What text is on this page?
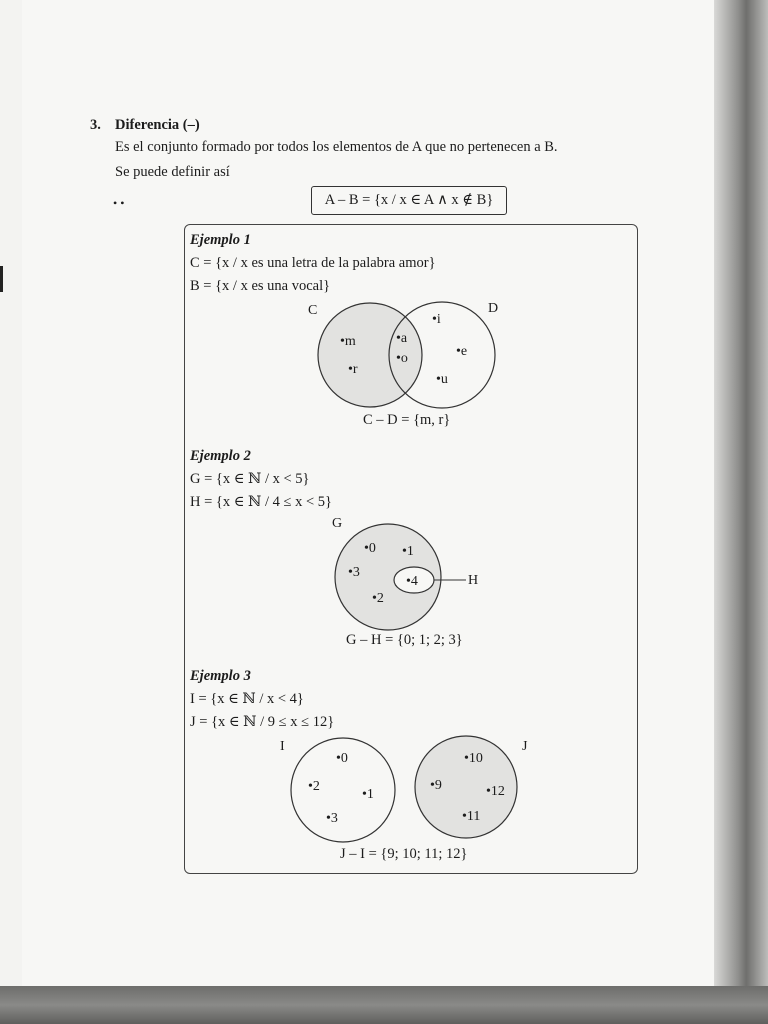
3. Diferencia (–)
Es el conjunto formado por todos los elementos de A que no pertenecen a B.
Se puede definir así
• •	A – B = {x / x ∈ A ∧ x ∉ B}
Ejemplo 1
C = {x / x es una letra de la palabra amor}
B = {x / x es una vocal}
C	D
•m
•r
•a
•o
•i
•e
•u
C – D = {m, r}
Ejemplo 2
G = {x ∈ ℕ / x < 5}
H = {x ∈ ℕ / 4 ≤ x < 5}
G
H
•0 •1
•3
•2
•4
G – H = {0; 1; 2; 3}
Ejemplo 3
I = {x ∈ ℕ / x < 4}
J = {x ∈ ℕ / 9 ≤ x ≤ 12}
I
•0
•2
•1
•3
J
•10
•9	•12
•11
J – I = {9; 10; 11; 12}
